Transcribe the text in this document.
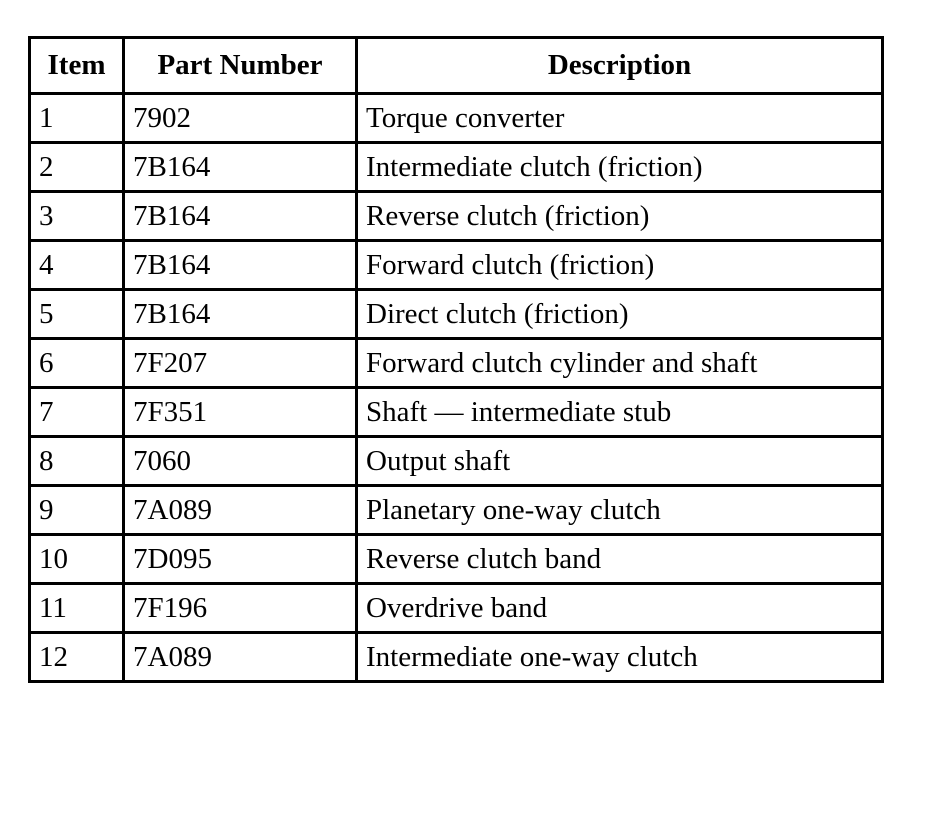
Item	Part Number	Description
1	7902	Torque converter
2	7B164	Intermediate clutch (friction)
3	7B164	Reverse clutch (friction)
4	7B164	Forward clutch (friction)
5	7B164	Direct clutch (friction)
6	7F207	Forward clutch cylinder and shaft
7	7F351	Shaft — intermediate stub
8	7060	Output shaft
9	7A089	Planetary one-way clutch
10	7D095	Reverse clutch band
11	7F196	Overdrive band
12	7A089	Intermediate one-way clutch
